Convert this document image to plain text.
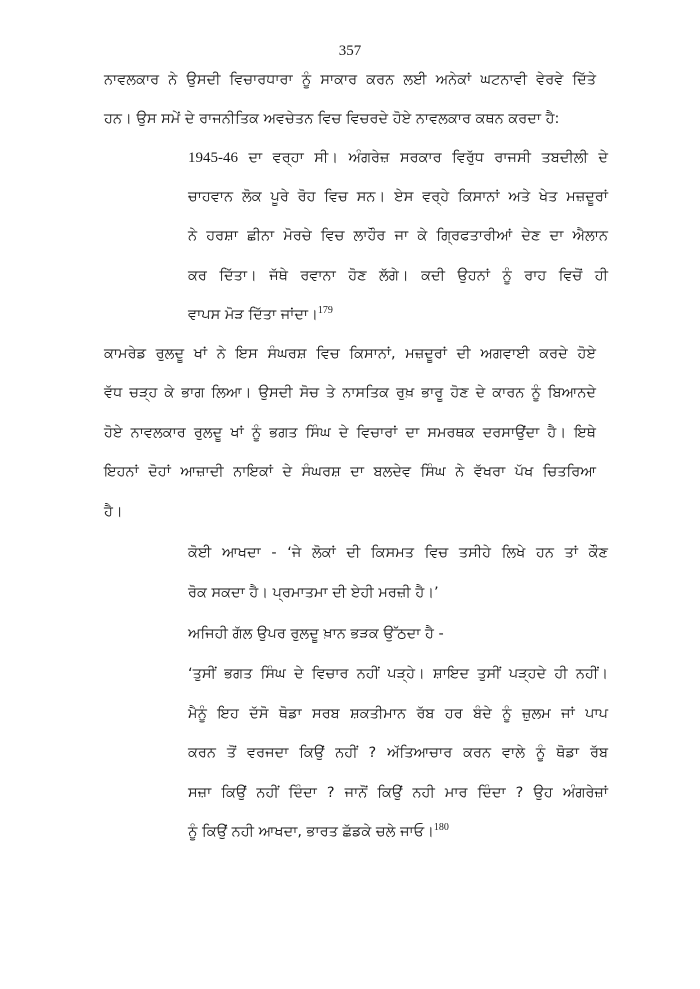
357
ਨਾਵਲਕਾਰ ਨੇ ਉਸਦੀ ਵਿਚਾਰਧਾਰਾ ਨੂੰ ਸਾਕਾਰ ਕਰਨ ਲਈ ਅਨੇਕਾਂ ਘਟਨਾਵੀ ਵੇਰਵੇ ਦਿੱਤੇ
ਹਨ। ਉਸ ਸਮੇਂ ਦੇ ਰਾਜਨੀਤਿਕ ਅਵਚੇਤਨ ਵਿਚ ਵਿਚਰਦੇ ਹੋਏ ਨਾਵਲਕਾਰ ਕਥਨ ਕਰਦਾ ਹੈ:
1945-46 ਦਾ ਵਰ੍ਹਾ ਸੀ। ਅੰਗਰੇਜ਼ ਸਰਕਾਰ ਵਿਰੁੱਧ ਰਾਜਸੀ ਤਬਦੀਲੀ ਦੇ
ਚਾਹਵਾਨ ਲੋਕ ਪੂਰੇ ਰੋਹ ਵਿਚ ਸਨ। ਏਸ ਵਰ੍ਹੇ ਕਿਸਾਨਾਂ ਅਤੇ ਖੇਤ ਮਜ਼ਦੂਰਾਂ
ਨੇ ਹਰਸ਼ਾ ਛੀਨਾ ਮੋਰਚੇ ਵਿਚ ਲਾਹੌਰ ਜਾ ਕੇ ਗ੍ਰਿਫਤਾਰੀਆਂ ਦੇਣ ਦਾ ਐਲਾਨ
ਕਰ ਦਿੱਤਾ। ਜੱਥੇ ਰਵਾਨਾ ਹੋਣ ਲੱਗੇ। ਕਦੀ ਉਹਨਾਂ ਨੂੰ ਰਾਹ ਵਿਚੋਂ ਹੀ
ਵਾਪਸ ਮੋੜ ਦਿੱਤਾ ਜਾਂਦਾ।$^{179}$
ਕਾਮਰੇਡ ਰੁਲਦੂ ਖਾਂ ਨੇ ਇਸ ਸੰਘਰਸ਼ ਵਿਚ ਕਿਸਾਨਾਂ, ਮਜ਼ਦੂਰਾਂ ਦੀ ਅਗਵਾਈ ਕਰਦੇ ਹੋਏ
ਵੱਧ ਚੜ੍ਹ ਕੇ ਭਾਗ ਲਿਆ। ਉਸਦੀ ਸੋਚ ਤੇ ਨਾਸਤਿਕ ਰੁਖ਼ ਭਾਰੂ ਹੋਣ ਦੇ ਕਾਰਨ ਨੂੰ ਬਿਆਨਦੇ
ਹੋਏ ਨਾਵਲਕਾਰ ਰੁਲਦੂ ਖਾਂ ਨੂੰ ਭਗਤ ਸਿੰਘ ਦੇ ਵਿਚਾਰਾਂ ਦਾ ਸਮਰਥਕ ਦਰਸਾਉਂਦਾ ਹੈ। ਇਥੇ
ਇਹਨਾਂ ਦੋਹਾਂ ਆਜ਼ਾਦੀ ਨਾਇਕਾਂ ਦੇ ਸੰਘਰਸ਼ ਦਾ ਬਲਦੇਵ ਸਿੰਘ ਨੇ ਵੱਖਰਾ ਪੱਖ ਚਿਤਰਿਆ
ਹੈ।
ਕੋਈ ਆਖਦਾ - ‘ਜੇ ਲੋਕਾਂ ਦੀ ਕਿਸਮਤ ਵਿਚ ਤਸੀਹੇ ਲਿਖੇ ਹਨ ਤਾਂ ਕੌਣ
ਰੋਕ ਸਕਦਾ ਹੈ। ਪ੍ਰਮਾਤਮਾ ਦੀ ਏਹੀ ਮਰਜ਼ੀ ਹੈ।’
ਅਜਿਹੀ ਗੱਲ ਉਪਰ ਰੁਲਦੂ ਖ਼ਾਨ ਭੜਕ ਉੱਠਦਾ ਹੈ -
‘ਤੁਸੀਂ ਭਗਤ ਸਿੰਘ ਦੇ ਵਿਚਾਰ ਨਹੀਂ ਪੜ੍ਹੇ। ਸ਼ਾਇਦ ਤੁਸੀਂ ਪੜ੍ਹਦੇ ਹੀ ਨਹੀਂ।
ਮੈਨੂੰ ਇਹ ਦੱਸੋ ਥੋਡਾ ਸਰਬ ਸ਼ਕਤੀਮਾਨ ਰੱਬ ਹਰ ਬੰਦੇ ਨੂੰ ਜ਼ੁਲਮ ਜਾਂ ਪਾਪ
ਕਰਨ ਤੋਂ ਵਰਜਦਾ ਕਿਉਂ ਨਹੀਂ ? ਅੱਤਿਆਚਾਰ ਕਰਨ ਵਾਲੇ ਨੂੰ ਥੋਡਾ ਰੱਬ
ਸਜ਼ਾ ਕਿਉਂ ਨਹੀਂ ਦਿੰਦਾ ? ਜਾਨੋਂ ਕਿਉਂ ਨਹੀ ਮਾਰ ਦਿੰਦਾ ? ਉਹ ਅੰਗਰੇਜ਼ਾਂ
ਨੂੰ ਕਿਉਂ ਨਹੀ ਆਖਦਾ, ਭਾਰਤ ਛੱਡਕੇ ਚਲੇ ਜਾਓ।$^{180}$
